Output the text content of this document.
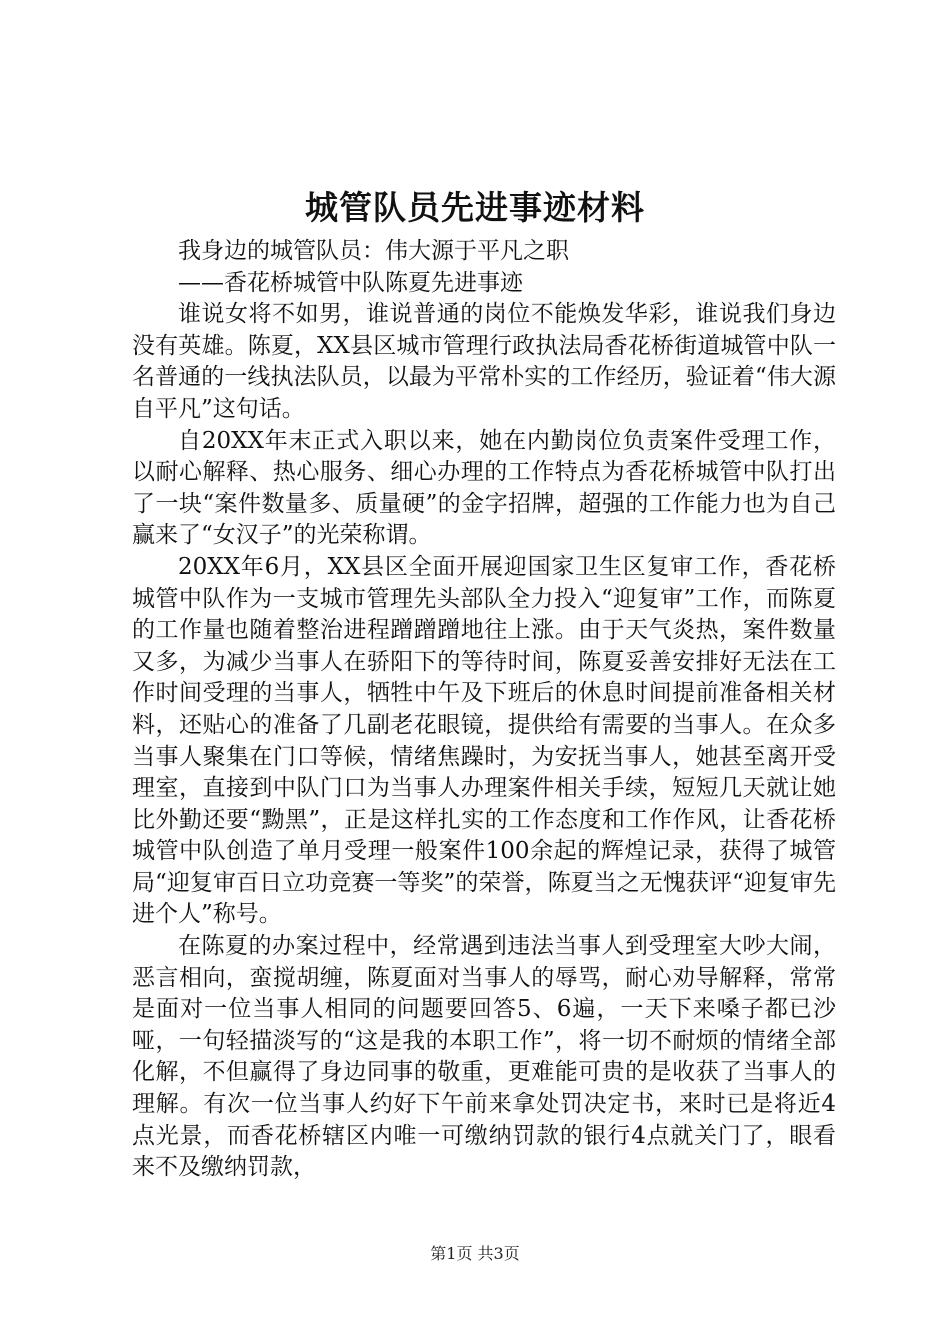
城管队员先进事迹材料

我身边的城管队员：伟大源于平凡之职

——香花桥城管中队陈夏先进事迹

谁说女将不如男，谁说普通的岗位不能焕发华彩，谁说我们身边没有英雄。陈夏，XX县区城市管理行政执法局香花桥街道城管中队一名普通的一线执法队员，以最为平常朴实的工作经历，验证着“伟大源自平凡”这句话。

自20XX年末正式入职以来，她在内勤岗位负责案件受理工作，以耐心解释、热心服务、细心办理的工作特点为香花桥城管中队打出了一块“案件数量多、质量硬”的金字招牌，超强的工作能力也为自己赢来了“女汉子”的光荣称谓。

20XX年6月，XX县区全面开展迎国家卫生区复审工作，香花桥城管中队作为一支城市管理先头部队全力投入“迎复审”工作，而陈夏的工作量也随着整治进程蹭蹭蹭地往上涨。由于天气炎热，案件数量又多，为减少当事人在骄阳下的等待时间，陈夏妥善安排好无法在工作时间受理的当事人，牺牲中午及下班后的休息时间提前准备相关材料，还贴心的准备了几副老花眼镜，提供给有需要的当事人。在众多当事人聚集在门口等候，情绪焦躁时，为安抚当事人，她甚至离开受理室，直接到中队门口为当事人办理案件相关手续，短短几天就让她比外勤还要“黝黑”，正是这样扎实的工作态度和工作作风，让香花桥城管中队创造了单月受理一般案件100余起的辉煌记录，获得了城管局“迎复审百日立功竞赛一等奖”的荣誉，陈夏当之无愧获评“迎复审先进个人”称号。

在陈夏的办案过程中，经常遇到违法当事人到受理室大吵大闹，恶言相向，蛮搅胡缠，陈夏面对当事人的辱骂，耐心劝导解释，常常是面对一位当事人相同的问题要回答5、6遍，一天下来嗓子都已沙哑，一句轻描淡写的“这是我的本职工作”，将一切不耐烦的情绪全部化解，不但赢得了身边同事的敬重，更难能可贵的是收获了当事人的理解。有次一位当事人约好下午前来拿处罚决定书，来时已是将近4点光景，而香花桥辖区内唯一可缴纳罚款的银行4点就关门了，眼看来不及缴纳罚款，

第1页 共3页
